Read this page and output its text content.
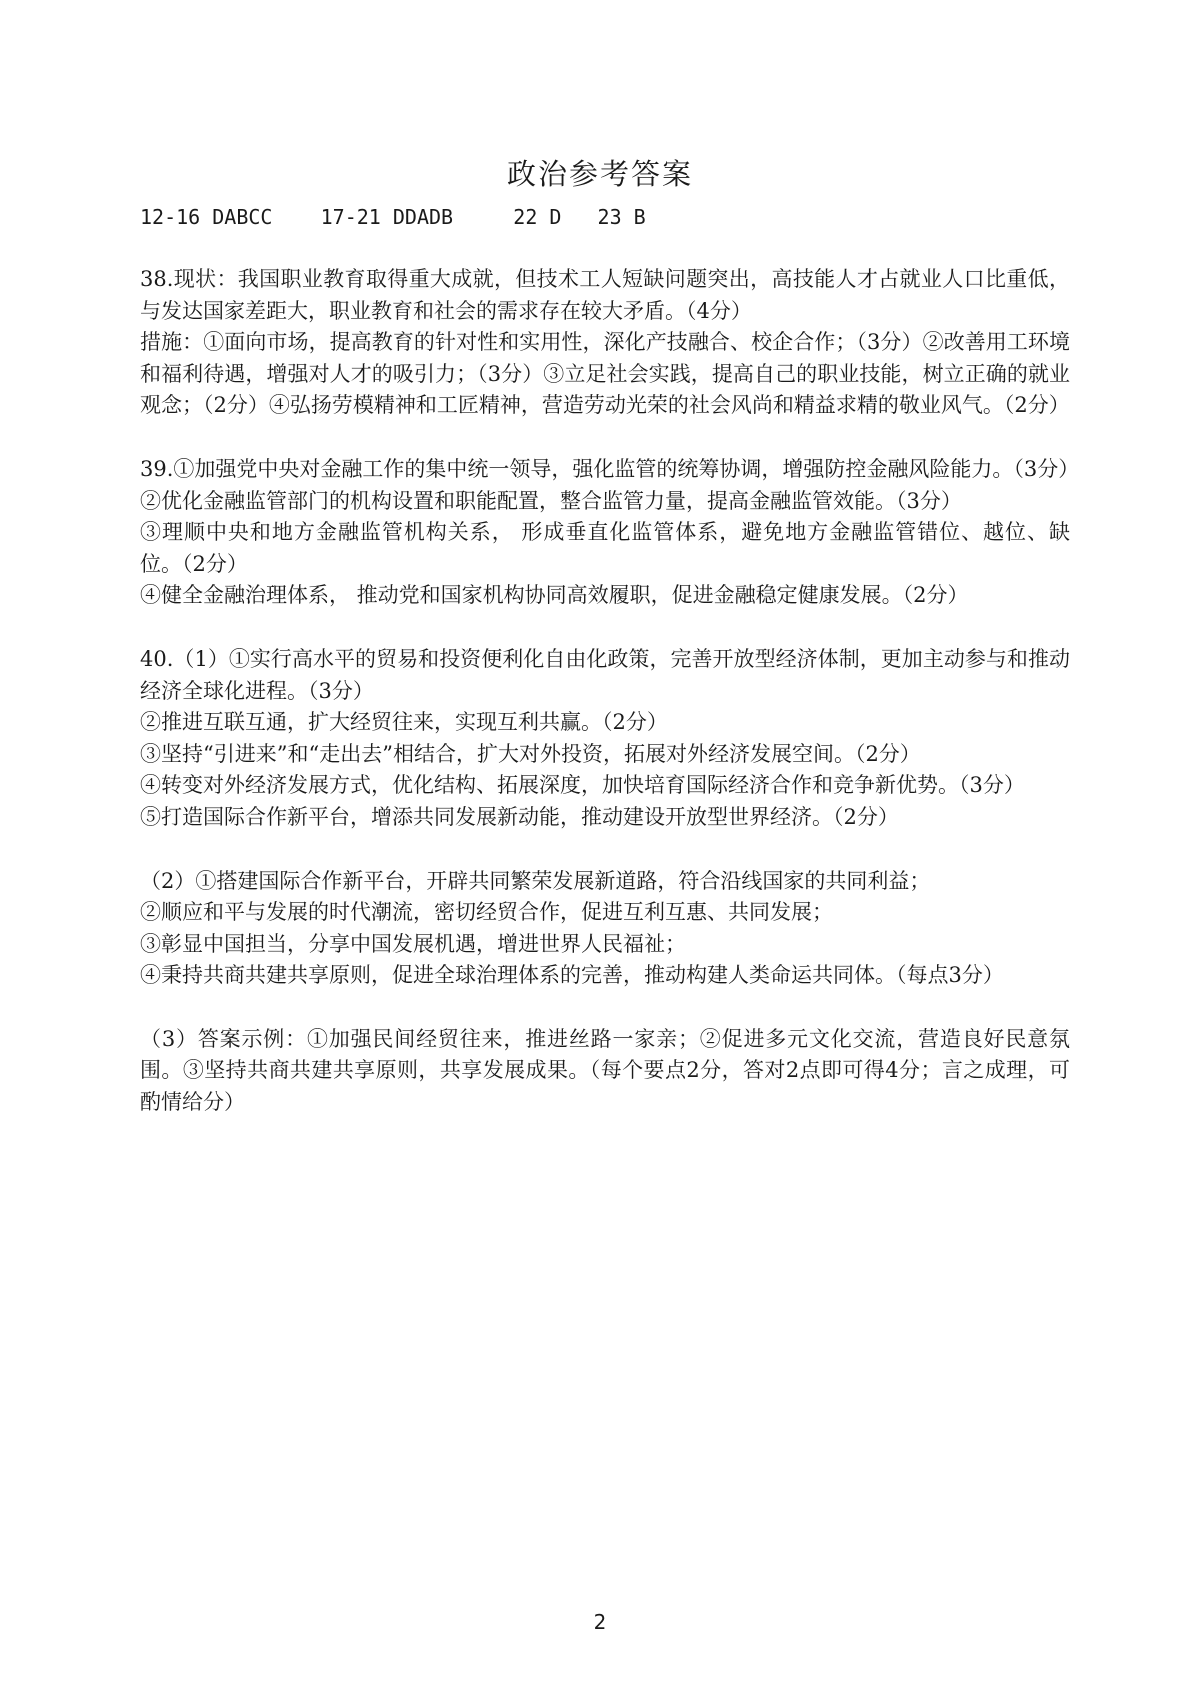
政治参考答案
12-16 DABCC    17-21 DDADB     22 D   23 B

38.现状：我国职业教育取得重大成就，但技术工人短缺问题突出，高技能人才占就业人口比重低，与发达国家差距大，职业教育和社会的需求存在较大矛盾。（4分）

措施：①面向市场，提高教育的针对性和实用性，深化产技融合、校企合作；（3分）②改善用工环境和福利待遇，增强对人才的吸引力；（3分）③立足社会实践，提高自己的职业技能，树立正确的就业观念；（2分）④弘扬劳模精神和工匠精神，营造劳动光荣的社会风尚和精益求精的敬业风气。（2分）

39.①加强党中央对金融工作的集中统一领导，强化监管的统筹协调，增强防控金融风险能力。（3分）

②优化金融监管部门的机构设置和职能配置，整合监管力量，提高金融监管效能。（3分）

③理顺中央和地方金融监管机构关系， 形成垂直化监管体系，避免地方金融监管错位、越位、缺位。（2分）

④健全金融治理体系， 推动党和国家机构协同高效履职，促进金融稳定健康发展。（2分）

40.（1）①实行高水平的贸易和投资便利化自由化政策，完善开放型经济体制，更加主动参与和推动经济全球化进程。（3分）

②推进互联互通，扩大经贸往来，实现互利共赢。（2分）

③坚持“引进来”和“走出去”相结合，扩大对外投资，拓展对外经济发展空间。（2分）

④转变对外经济发展方式，优化结构、拓展深度，加快培育国际经济合作和竞争新优势。（3分）

⑤打造国际合作新平台，增添共同发展新动能，推动建设开放型世界经济。（2分）

（2）①搭建国际合作新平台，开辟共同繁荣发展新道路，符合沿线国家的共同利益；

②顺应和平与发展的时代潮流，密切经贸合作，促进互利互惠、共同发展；

③彰显中国担当，分享中国发展机遇，增进世界人民福祉；

④秉持共商共建共享原则，促进全球治理体系的完善，推动构建人类命运共同体。（每点3分）

（3）答案示例：①加强民间经贸往来，推进丝路一家亲；②促进多元文化交流，营造良好民意氛围。③坚持共商共建共享原则，共享发展成果。（每个要点2分，答对2点即可得4分；言之成理，可酌情给分）

2
